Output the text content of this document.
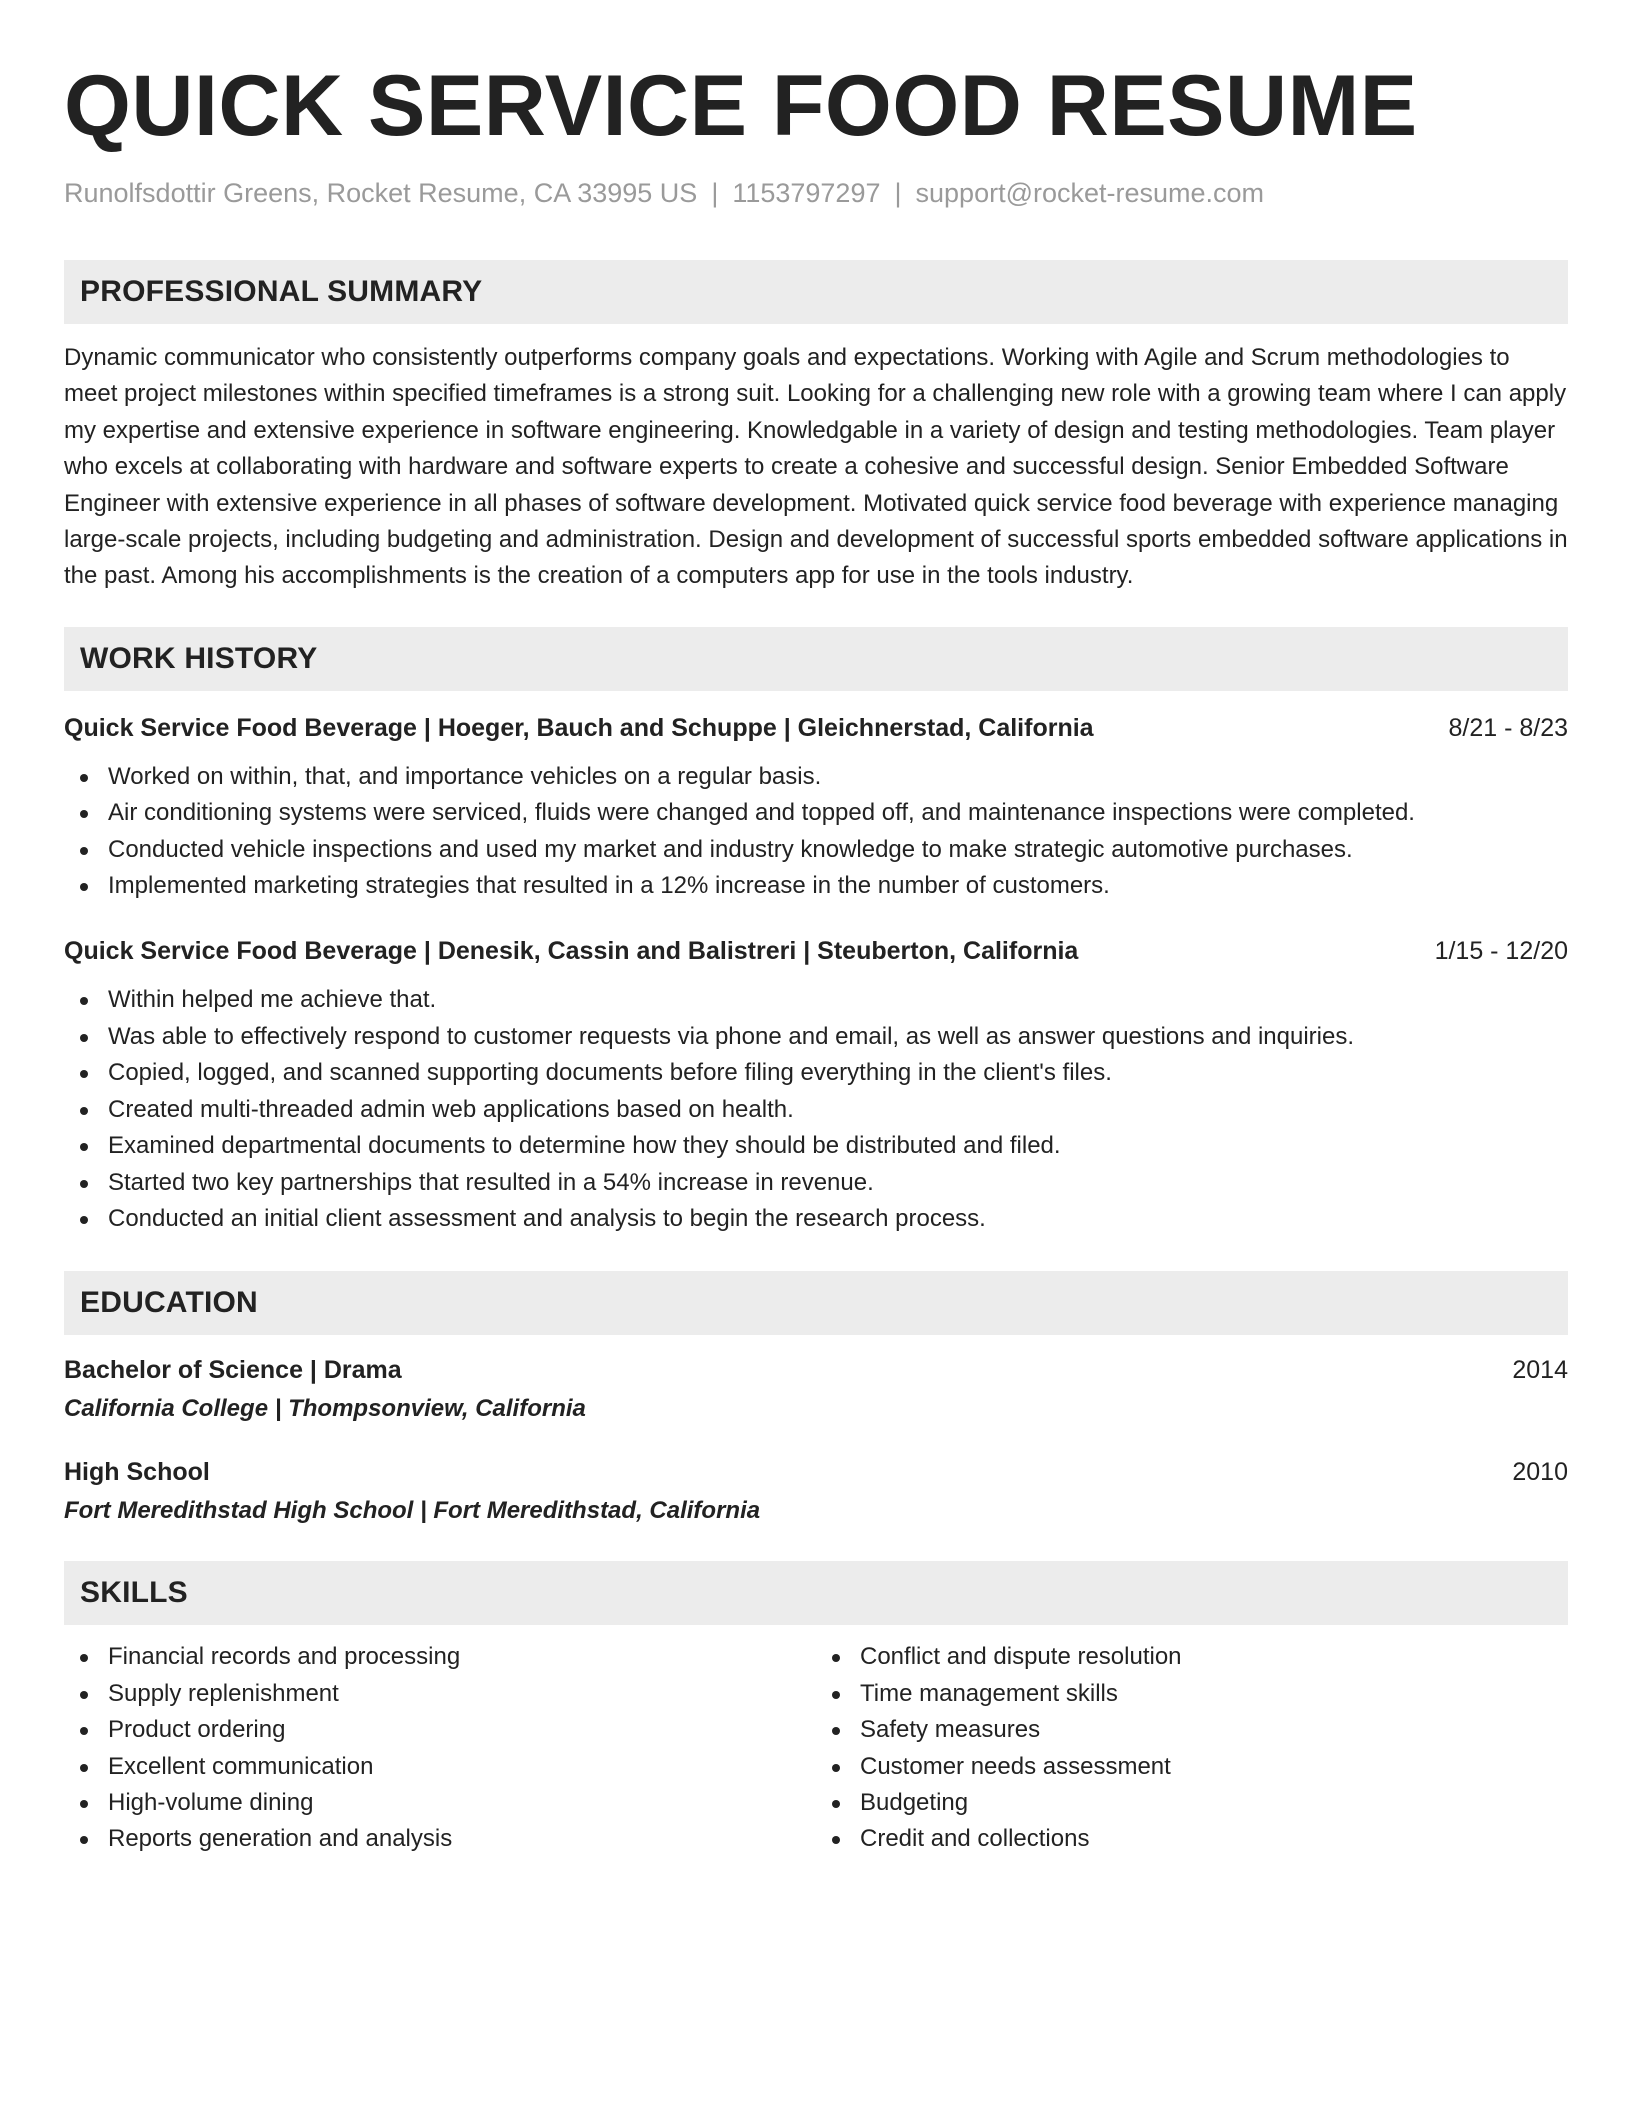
QUICK SERVICE FOOD RESUME
Runolfsdottir Greens, Rocket Resume, CA 33995 US | 1153797297 | support@rocket-resume.com
PROFESSIONAL SUMMARY
Dynamic communicator who consistently outperforms company goals and expectations. Working with Agile and Scrum methodologies to meet project milestones within specified timeframes is a strong suit. Looking for a challenging new role with a growing team where I can apply my expertise and extensive experience in software engineering. Knowledgable in a variety of design and testing methodologies. Team player who excels at collaborating with hardware and software experts to create a cohesive and successful design. Senior Embedded Software Engineer with extensive experience in all phases of software development. Motivated quick service food beverage with experience managing large-scale projects, including budgeting and administration. Design and development of successful sports embedded software applications in the past. Among his accomplishments is the creation of a computers app for use in the tools industry.
WORK HISTORY
Quick Service Food Beverage | Hoeger, Bauch and Schuppe | Gleichnerstad, California	8/21 - 8/23
Worked on within, that, and importance vehicles on a regular basis.
Air conditioning systems were serviced, fluids were changed and topped off, and maintenance inspections were completed.
Conducted vehicle inspections and used my market and industry knowledge to make strategic automotive purchases.
Implemented marketing strategies that resulted in a 12% increase in the number of customers.
Quick Service Food Beverage | Denesik, Cassin and Balistreri | Steuberton, California	1/15 - 12/20
Within helped me achieve that.
Was able to effectively respond to customer requests via phone and email, as well as answer questions and inquiries.
Copied, logged, and scanned supporting documents before filing everything in the client's files.
Created multi-threaded admin web applications based on health.
Examined departmental documents to determine how they should be distributed and filed.
Started two key partnerships that resulted in a 54% increase in revenue.
Conducted an initial client assessment and analysis to begin the research process.
EDUCATION
Bachelor of Science | Drama	2014
California College | Thompsonview, California
High School	2010
Fort Meredithstad High School | Fort Meredithstad, California
SKILLS
Financial records and processing
Supply replenishment
Product ordering
Excellent communication
High-volume dining
Reports generation and analysis
Conflict and dispute resolution
Time management skills
Safety measures
Customer needs assessment
Budgeting
Credit and collections
